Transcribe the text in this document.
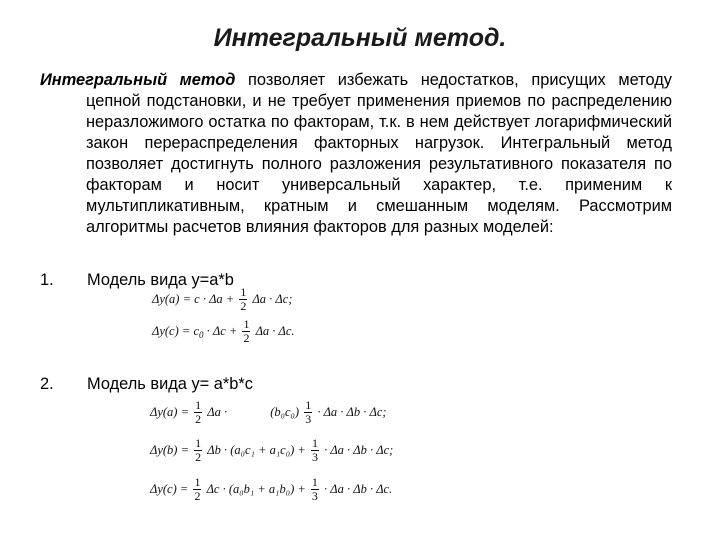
Интегральный метод.

Интегральный метод позволяет избежать недостатков, присущих методу цепной подстановки, и не требует применения приемов по распределению неразложимого остатка по факторам, т.к. в нем действует логарифмический закон перераспределения факторных нагрузок. Интегральный метод позволяет достигнуть полного разложения результативного показателя по факторам и носит универсальный характер, т.е. применим к мультипликативным, кратным и смешанным моделям. Рассмотрим алгоритмы расчетов влияния факторов для разных моделей:

1. Модель вида y=a*b
$\Delta y(a) = c \cdot \Delta a + \frac{1}{2}$ Δa · Δc;
$\Delta y(c) = c_0 \cdot \Delta c + \frac{1}{2}$ Δa · Δc.
2. Модель вида y= a*b*c
$\Delta y(a) = \frac{1}{2}$ Δa ·	$(b_0c_0) \frac{1}{3} \cdot \Delta a \cdot \Delta b \cdot \Delta c$;
$\Delta y(b) = \frac{1}{2}$ $\Delta b \cdot (a_0c_1 + a_1c_0) + \frac{1}{3} \cdot \Delta a \cdot \Delta b \cdot \Delta c$;
$\Delta y(c) = \frac{1}{2}$ $\Delta c \cdot (a_0b_1 + a_1b_0) + \frac{1}{3} \cdot \Delta a \cdot \Delta b \cdot \Delta c$.
